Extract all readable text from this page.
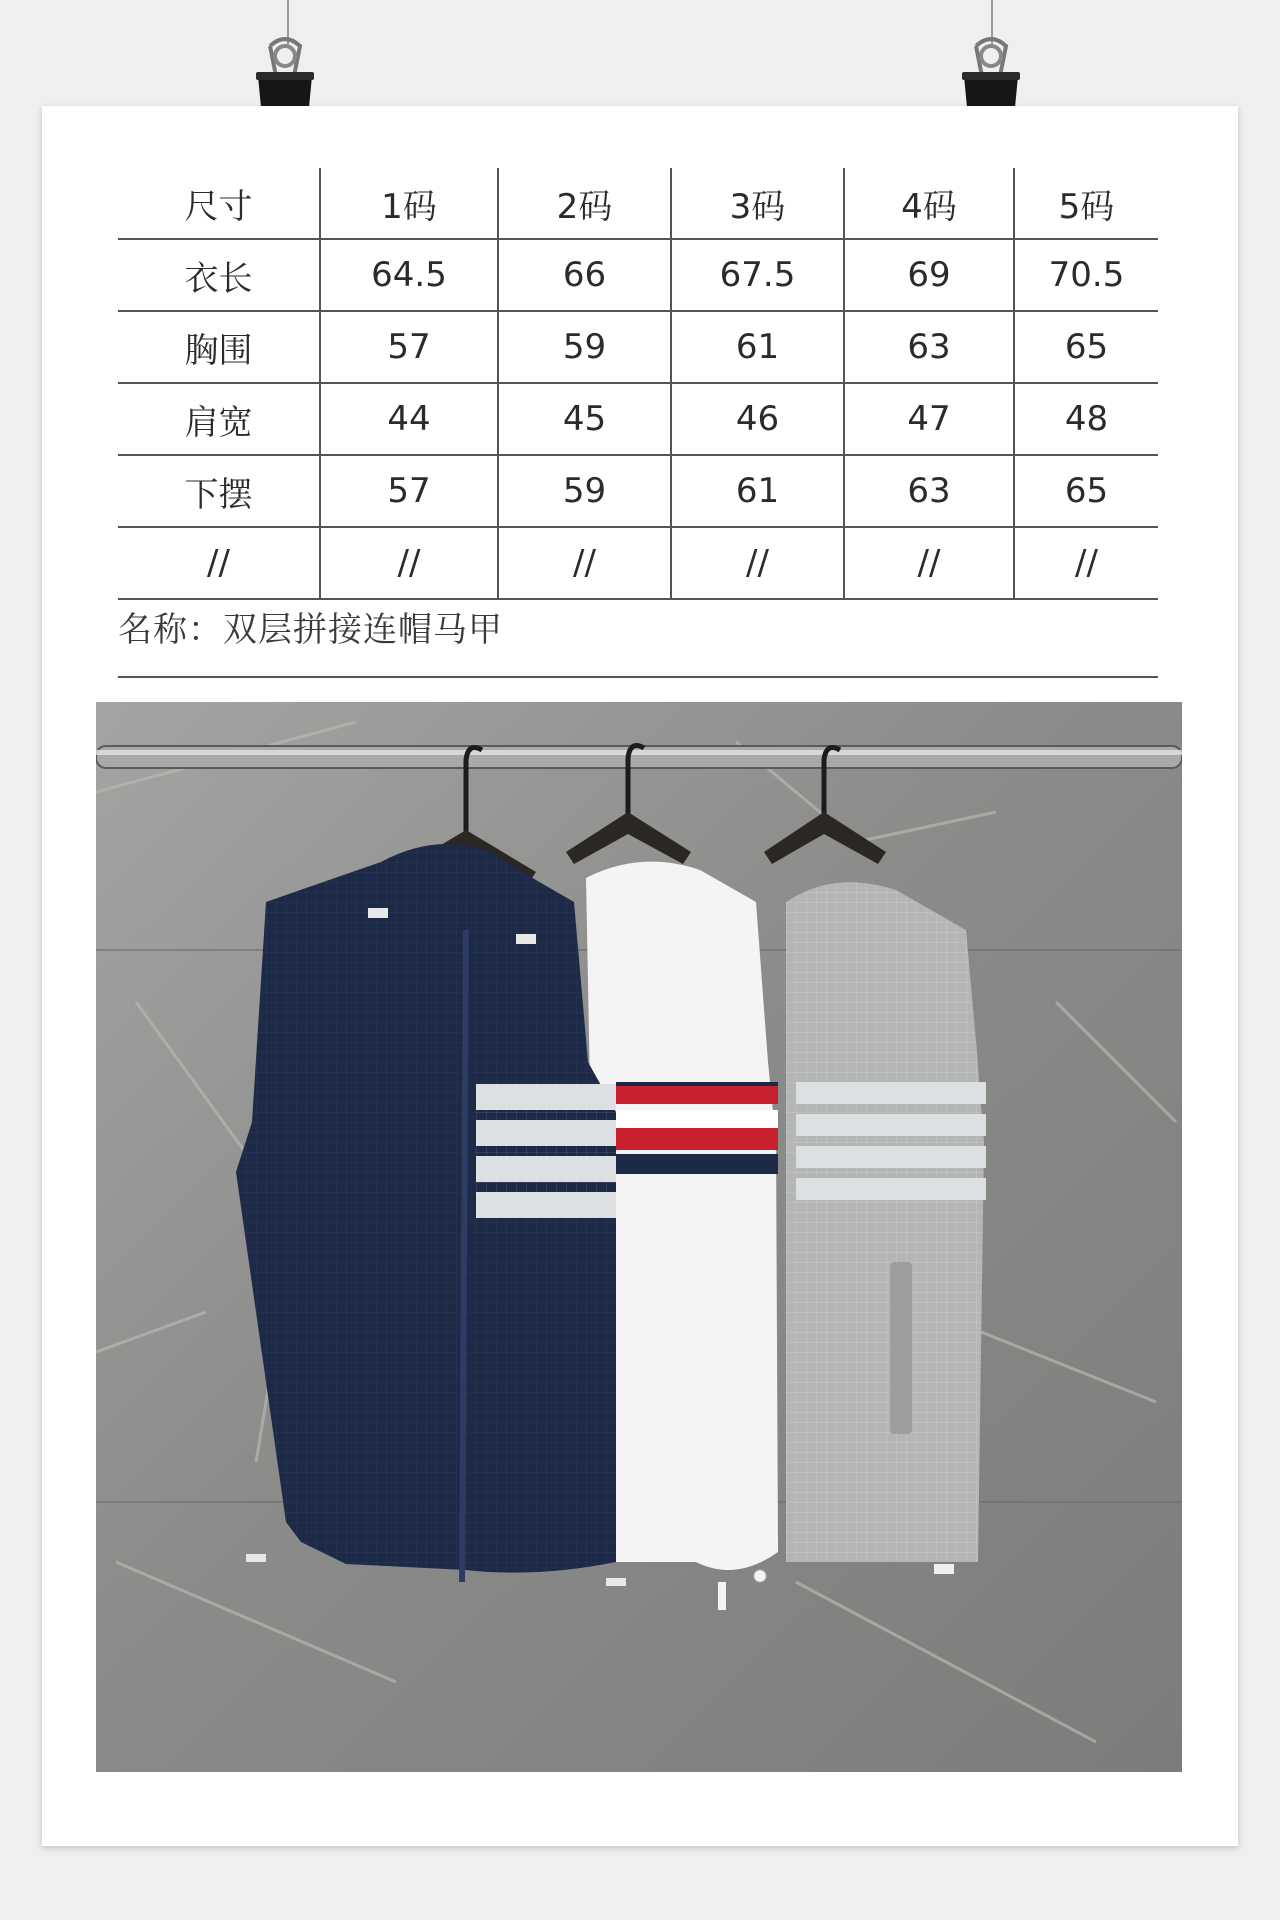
尺寸	1码	2码	3码	4码	5码
衣长	64.5	66	67.5	69	70.5
胸围	57	59	61	63	65
肩宽	44	45	46	47	48
下摆	57	59	61	63	65
//	//	//	//	//	//
名称：双层拼接连帽马甲
